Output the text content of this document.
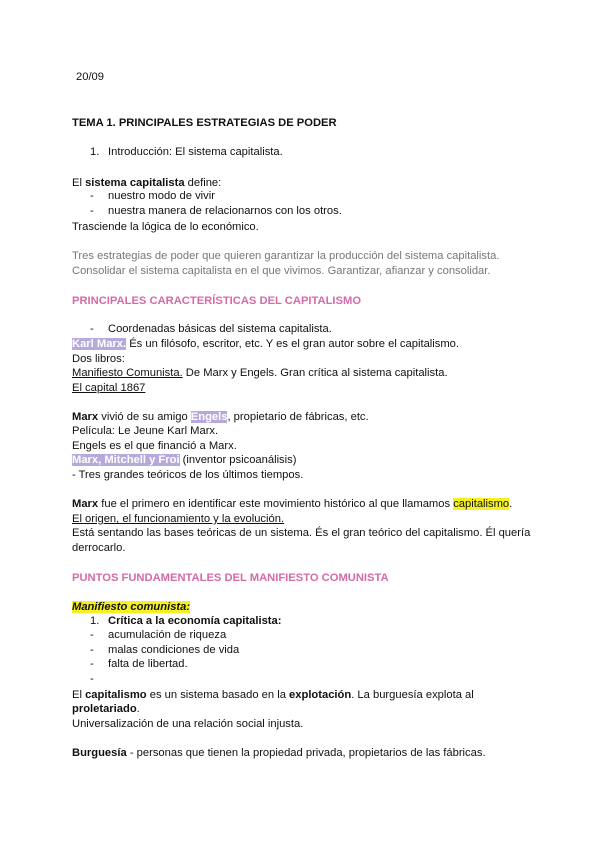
20/09
TEMA 1. PRINCIPALES ESTRATEGIAS DE PODER
1. Introducción: El sistema capitalista.
El sistema capitalista define:
- nuestro modo de vivir
- nuestra manera de relacionarnos con los otros.
Trasciende la lógica de lo económico.
Tres estrategias de poder que quieren garantizar la producción del sistema capitalista.
Consolidar el sistema capitalista en el que vivimos. Garantizar, afianzar y consolidar.
PRINCIPALES CARACTERÍSTICAS DEL CAPITALISMO
- Coordenadas básicas del sistema capitalista.
Karl Marx. És un filósofo, escritor, etc. Y es el gran autor sobre el capitalismo.
Dos libros:
Manifiesto Comunista. De Marx y Engels. Gran crítica al sistema capitalista.
El capital 1867
Marx vivió de su amigo Engels, propietario de fábricas, etc.
Película: Le Jeune Karl Marx.
Engels es el que financió a Marx.
Marx, Mitchell y Froi (inventor psicoanálisis)
- Tres grandes teóricos de los últimos tiempos.
Marx fue el primero en identificar este movimiento histórico al que llamamos capitalismo.
El origen, el funcionamiento y la evolución.
Está sentando las bases teóricas de un sistema. És el gran teórico del capitalismo. Él quería
derrocarlo.
PUNTOS FUNDAMENTALES DEL MANIFIESTO COMUNISTA
Manifiesto comunista:
1. Crítica a la economía capitalista:
- acumulación de riqueza
- malas condiciones de vida
- falta de libertad.
-
El capitalismo es un sistema basado en la explotación. La burguesía explota al
proletariado.
Universalización de una relación social injusta.
Burguesía - personas que tienen la propiedad privada, propietarios de las fábricas.
